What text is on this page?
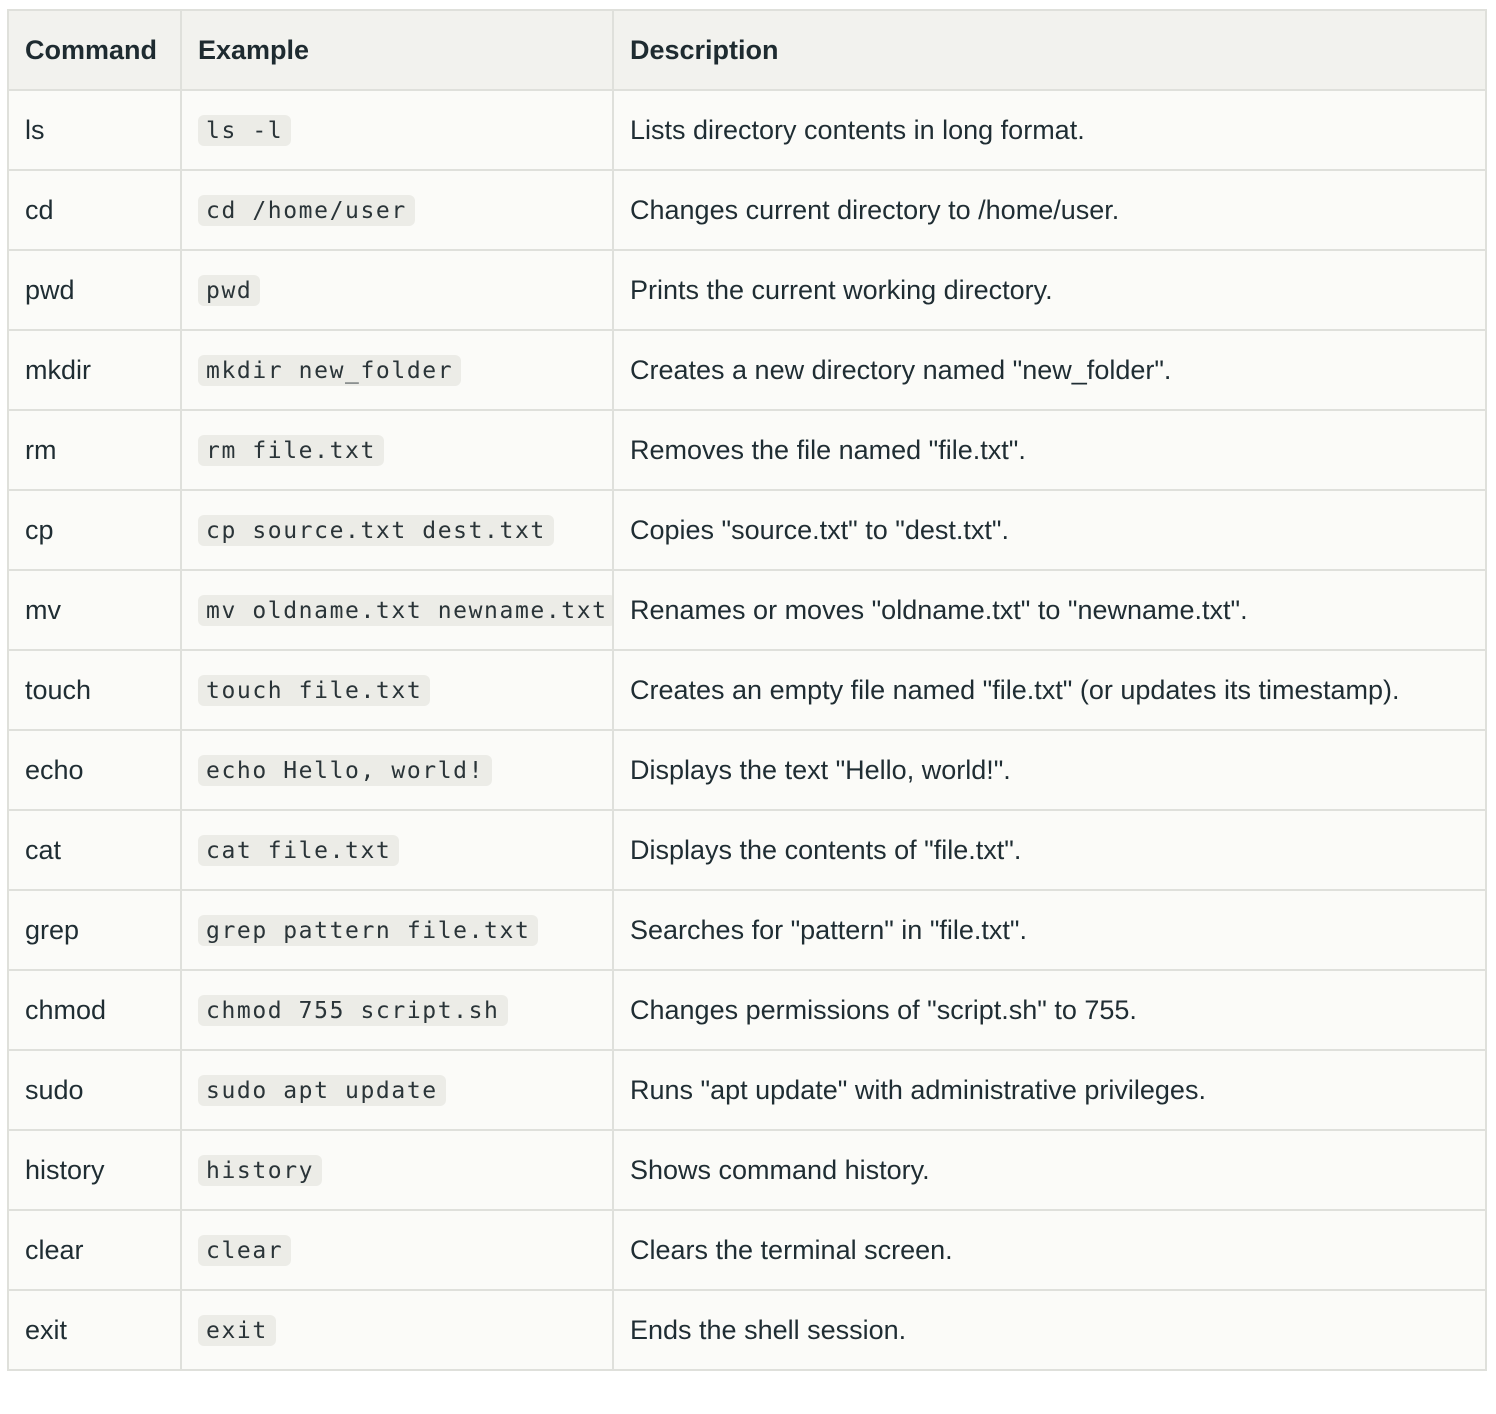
Command	Example	Description
ls	ls -l	Lists directory contents in long format.
cd	cd /home/user	Changes current directory to /home/user.
pwd	pwd	Prints the current working directory.
mkdir	mkdir new_folder	Creates a new directory named "new_folder".
rm	rm file.txt	Removes the file named "file.txt".
cp	cp source.txt dest.txt	Copies "source.txt" to "dest.txt".
mv	mv oldname.txt newname.txt	Renames or moves "oldname.txt" to "newname.txt".
touch	touch file.txt	Creates an empty file named "file.txt" (or updates its timestamp).
echo	echo Hello, world!	Displays the text "Hello, world!".
cat	cat file.txt	Displays the contents of "file.txt".
grep	grep pattern file.txt	Searches for "pattern" in "file.txt".
chmod	chmod 755 script.sh	Changes permissions of "script.sh" to 755.
sudo	sudo apt update	Runs "apt update" with administrative privileges.
history	history	Shows command history.
clear	clear	Clears the terminal screen.
exit	exit	Ends the shell session.
